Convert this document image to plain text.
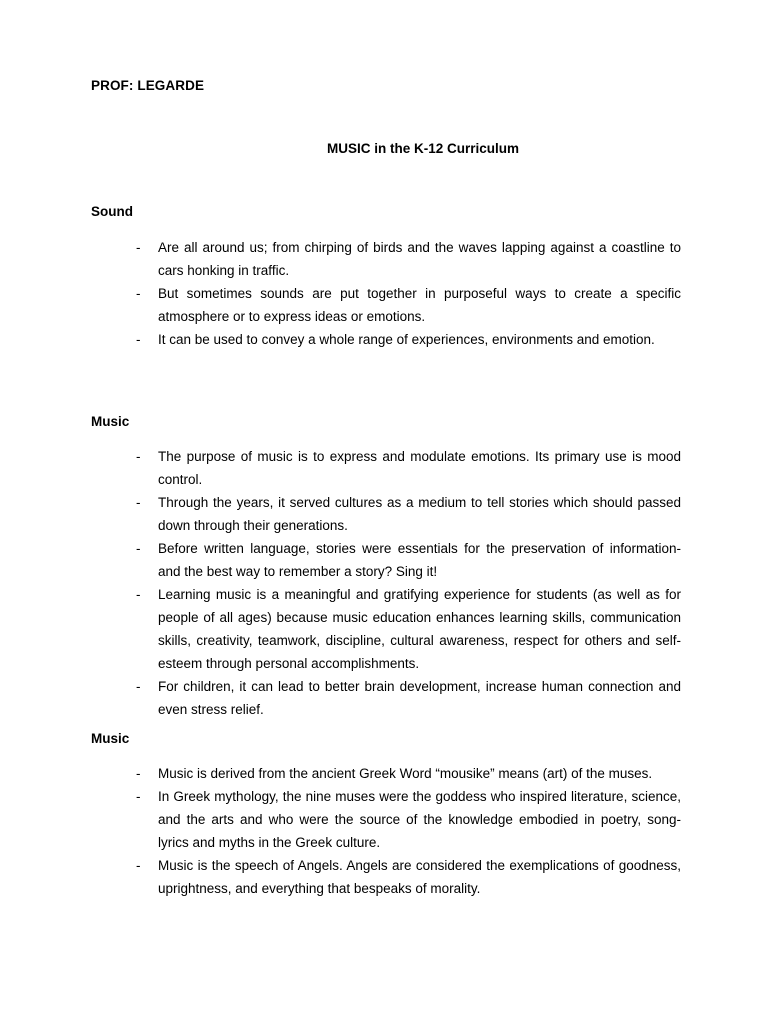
PROF: LEGARDE
MUSIC in the K-12 Curriculum
Sound
- Are all around us; from chirping of birds and the waves lapping against a coastline to cars honking in traffic.
- But sometimes sounds are put together in purposeful ways to create a specific atmosphere or to express ideas or emotions.
- It can be used to convey a whole range of experiences, environments and emotion.
Music
- The purpose of music is to express and modulate emotions. Its primary use is mood control.
- Through the years, it served cultures as a medium to tell stories which should passed down through their generations.
- Before written language, stories were essentials for the preservation of information- and the best way to remember a story? Sing it!
- Learning music is a meaningful and gratifying experience for students (as well as for people of all ages) because music education enhances learning skills, communication skills, creativity, teamwork, discipline, cultural awareness, respect for others and self- esteem through personal accomplishments.
- For children, it can lead to better brain development, increase human connection and even stress relief.
Music
- Music is derived from the ancient Greek Word “mousike” means (art) of the muses.
- In Greek mythology, the nine muses were the goddess who inspired literature, science, and the arts and who were the source of the knowledge embodied in poetry, song- lyrics and myths in the Greek culture.
- Music is the speech of Angels. Angels are considered the exemplications of goodness, uprightness, and everything that bespeaks of morality.
